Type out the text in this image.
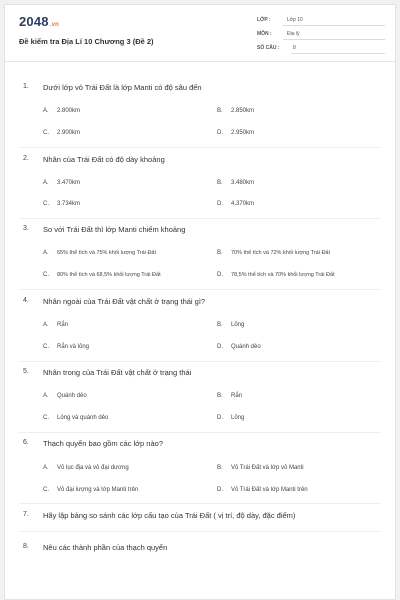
2048.vn
Đề kiểm tra Địa Lí 10 Chương 3 (Đề 2)
LỚP :	Lớp 10
MÔN :	Địa lý
SỐ CÂU :	8
1. Dưới lớp vỏ Trái Đất là lớp Manti có độ sâu đến
A. 2.800km	B. 2.850km
C. 2.900km	D. 2.950km
2. Nhân của Trái Đất có độ dày khoảng
A. 3.470km	B. 3.480km
C. 3.734km	D. 4.370km
3. So với Trái Đất thì lớp Manti chiếm khoảng
A. 65% thể tích và 75% khối lượng Trái Đất	B. 70% thể tích và 72% khối lượng Trái Đất
C. 80% thể tích và 68,5% khối lượng Trái Đất	D. 78,5% thể tích và 70% khối lượng Trái Đất
4. Nhân ngoài của Trái Đất vật chất ở trạng thái gì?
A. Rắn	B. Lỏng
C. Rắn và lỏng	D. Quánh dẻo
5. Nhân trong của Trái Đất vật chất ở trạng thái
A. Quánh dẻo	B. Rắn
C. Lỏng và quánh dẻo	D. Lỏng
6. Thạch quyển bao gồm các lớp nào?
A. Vỏ lục địa và vỏ đại dương	B. Vỏ Trái Đất và lớp vỏ Manti
C. Vỏ đại lượng và lớp Manti trên	D. Vỏ Trái Đất và lớp Manti trên
7. Hãy lập bảng so sánh các lớp cấu tạo của Trái Đất ( vị trí, độ dày, đặc điểm)
8. Nêu các thành phần của thạch quyển
